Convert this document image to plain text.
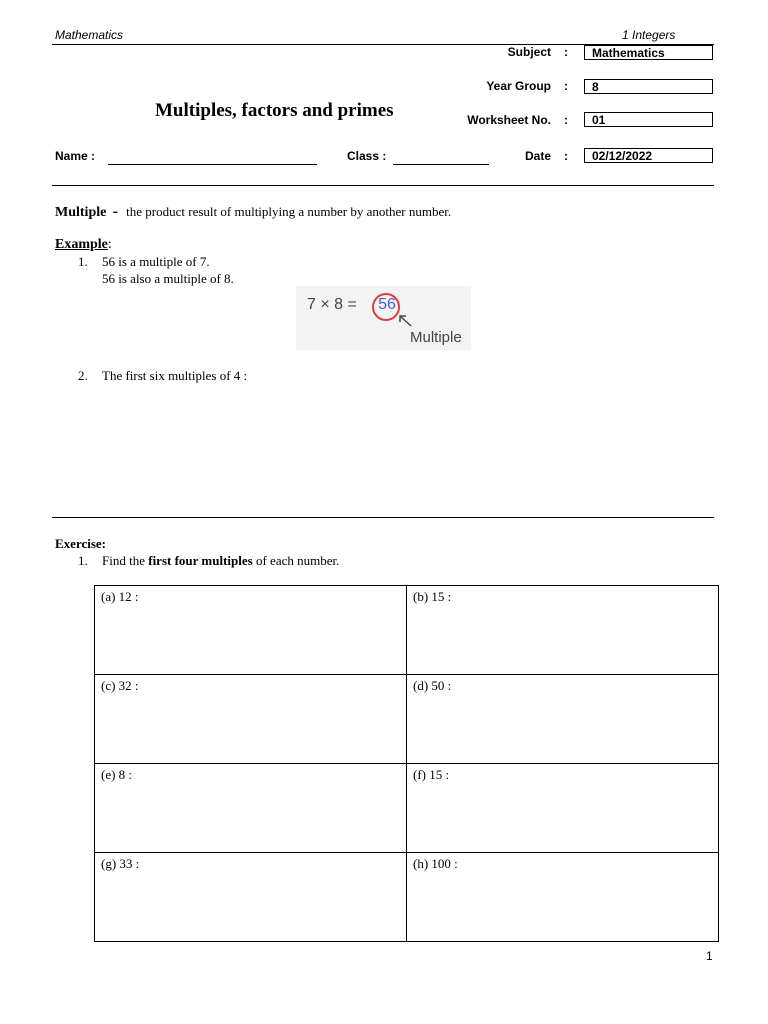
Mathematics	1 Integers
Subject :	Mathematics
Year Group :	8
Multiples, factors and primes	Worksheet No. :	01
Name :	Class :	Date :	02/12/2022
Multiple - the product result of multiplying a number by another number.
Example:
1. 56 is a multiple of 7.
56 is also a multiple of 8.
7 × 8 =	56
Multiple
2. The first six multiples of 4 :
Exercise:
1. Find the first four multiples of each number.
(a) 12 :	(b) 15 :
(c) 32 :	(d) 50 :
(e) 8 :	(f) 15 :
(g) 33 :	(h) 100 :
1
